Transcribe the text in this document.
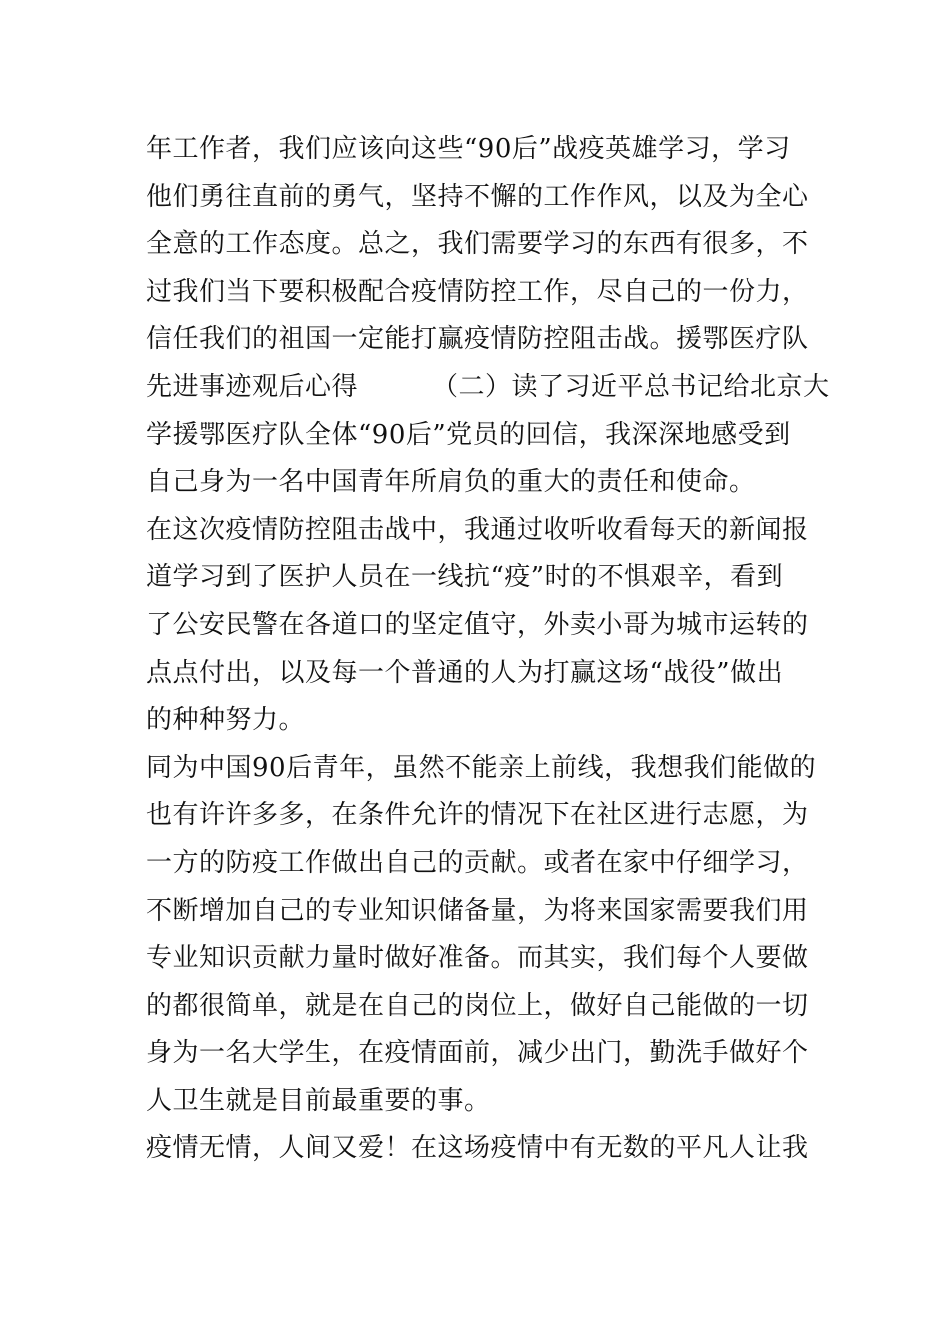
年工作者，我们应该向这些“90后”战疫英雄学习，学习
他们勇往直前的勇气，坚持不懈的工作作风，以及为全心
全意的工作态度。总之，我们需要学习的东西有很多，不
过我们当下要积极配合疫情防控工作，尽自己的一份力，
信任我们的祖国一定能打赢疫情防控阻击战。援鄂医疗队
先进事迹观后心得	（二）读了习近平总书记给北京大
学援鄂医疗队全体“90后”党员的回信，我深深地感受到
自己身为一名中国青年所肩负的重大的责任和使命。
在这次疫情防控阻击战中，我通过收听收看每天的新闻报
道学习到了医护人员在一线抗“疫”时的不惧艰辛，看到
了公安民警在各道口的坚定值守，外卖小哥为城市运转的
点点付出，以及每一个普通的人为打赢这场“战役”做出
的种种努力。
同为中国90后青年，虽然不能亲上前线，我想我们能做的
也有许许多多，在条件允许的情况下在社区进行志愿，为
一方的防疫工作做出自己的贡献。或者在家中仔细学习，
不断增加自己的专业知识储备量，为将来国家需要我们用
专业知识贡献力量时做好准备。而其实，我们每个人要做
的都很简单，就是在自己的岗位上，做好自己能做的一切
身为一名大学生，在疫情面前，减少出门，勤洗手做好个
人卫生就是目前最重要的事。
疫情无情，人间又爱！在这场疫情中有无数的平凡人让我
